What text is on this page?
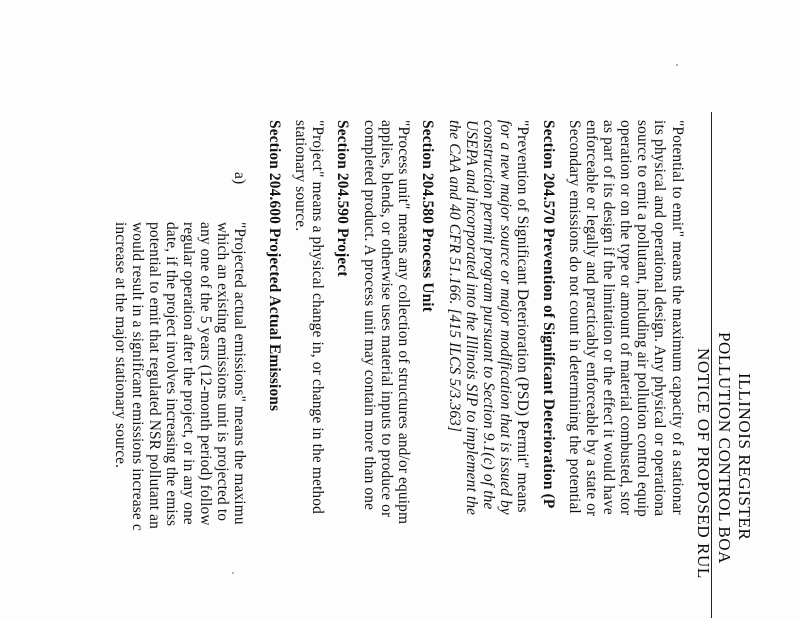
ILLINOIS REGISTER
POLLUTION CONTROL BOA
NOTICE OF PROPOSED RUL
"Potential to emit" means the maximum capacity of a stationar
its physical and operational design. Any physical or operationa
source to emit a pollutant, including air pollution control equip
operation or on the type or amount of material combusted, stor
as part of its design if the limitation or the effect it would have
enforceable or legally and practicably enforceable by a state or
Secondary emissions do not count in determining the potential
Section 204.570 Prevention of Significant Deterioration (P
"Prevention of Significant Deterioration (PSD) Permit" means
for a new major source or major modification that is issued by
construction permit program pursuant to Section 9.1(c) of the
USEPA and incorporated into the Illinois SIP to implement the
the CAA and 40 CFR 51.166. [415 ILCS 5/3.363]
Section 204.580 Process Unit
"Process unit" means any collection of structures and/or equipm
applies, blends, or otherwise uses material inputs to produce or
completed product. A process unit may contain more than one
Section 204.590 Project
"Project" means a physical change in, or change in the method
stationary source.
Section 204.600 Projected Actual Emissions
a)
"Projected actual emissions" means the maximu
which an existing emissions unit is projected to
any one of the 5 years (12-month period) follow
regular operation after the project, or in any one
date, if the project involves increasing the emiss
potential to emit that regulated NSR pollutant an
would result in a significant emissions increase c
increase at the major stationary source.
